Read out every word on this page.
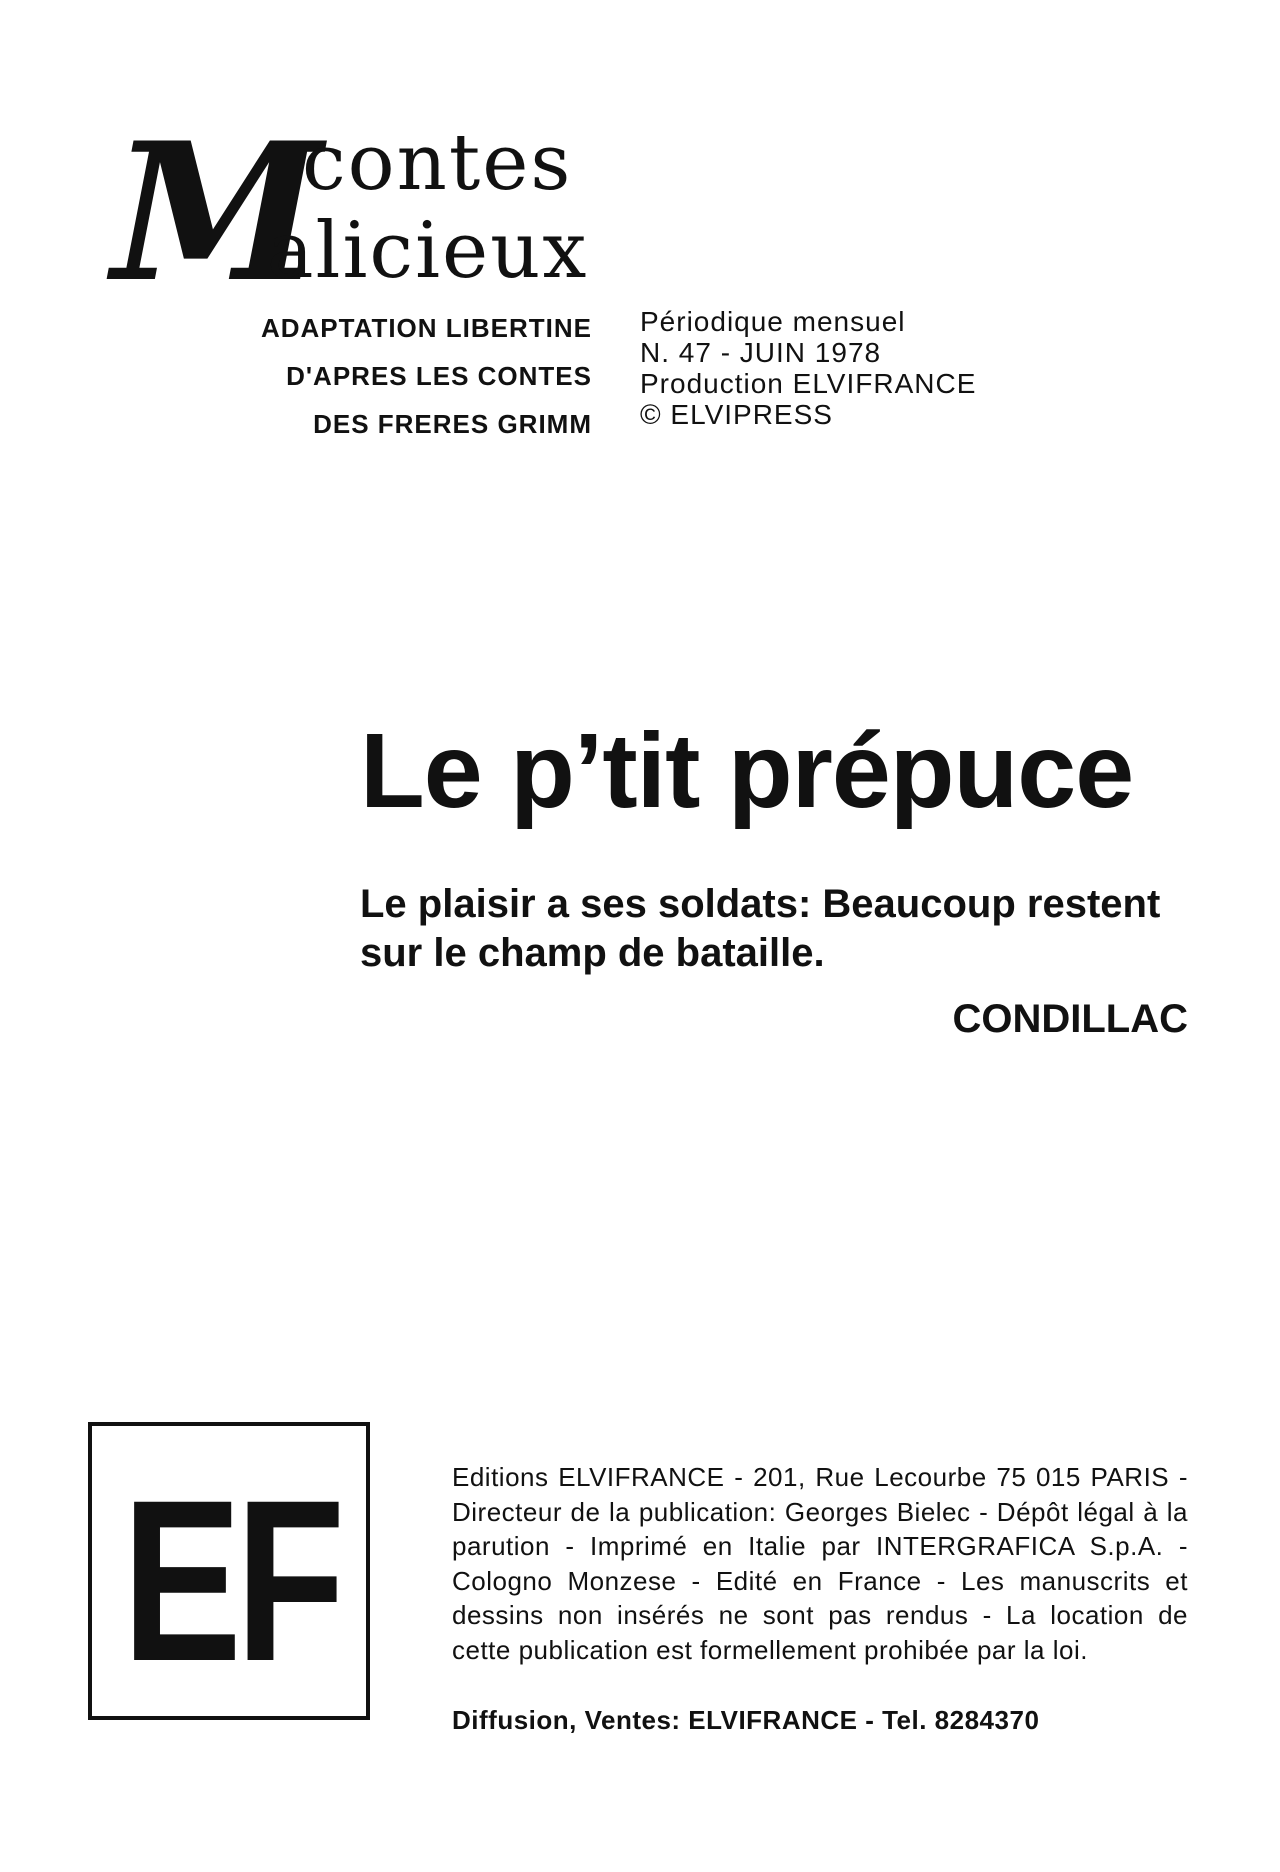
M
contes
alicieux
ADAPTATION LIBERTINE
D'APRES LES CONTES
DES FRERES GRIMM
Périodique mensuel
N. 47 - JUIN 1978
Production ELVIFRANCE
© ELVIPRESS
Le p’tit prépuce
Le plaisir a ses soldats: Beaucoup restent sur le champ de bataille.
CONDILLAC
EF	Editions ELVIFRANCE - 201, Rue Lecourbe 75 015 PARIS - Directeur de la publication: Georges Bielec - Dépôt légal à la parution - Imprimé en Italie par INTERGRAFICA S.p.A. - Cologno Monzese - Edité en France - Les manuscrits et dessins non insérés ne sont pas rendus - La location de cette publication est formellement prohibée par la loi.
Diffusion, Ventes: ELVIFRANCE - Tel. 8284370
